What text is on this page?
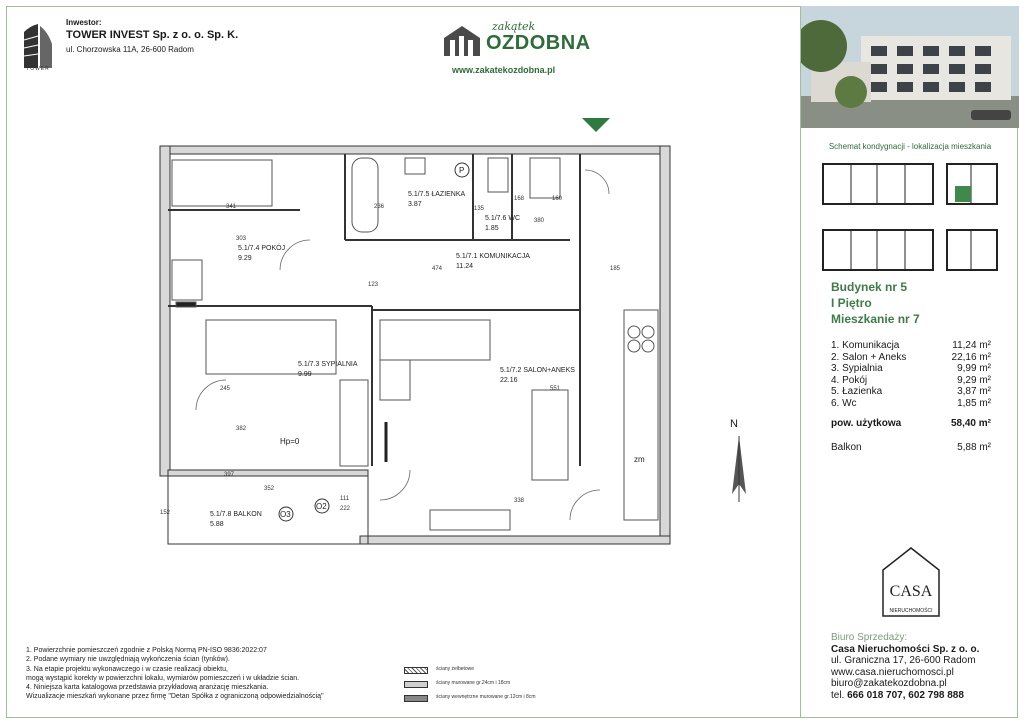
TOWER
Inwestor:
TOWER INVEST Sp. z o. o. Sp. K.
ul. Chorzowska 11A, 26-600 Radom
zakątek
OZDOBNA
www.zakatekozdobna.pl
5.1/7.4 POKÓJ
9.29
5.1/7.3 SYPIALNIA
9.99
5.1/7.2 SALON+ANEKS
22.16
5.1/7.1 KOMUNIKACJA
11.24
5.1/7.5 ŁAZIENKA
3.87
5.1/7.6 WC
1.85
5.1/7.8 BALKON
5.88
341
303
245
382
397
338
551
185
474
123
135
168
236
160
380
352
152
111
222
P
zm
O2
O3
Hp=0
N
1. Powierzchnie pomieszczeń zgodnie z Polską Normą PN-ISO 9836:2022:07
2. Podane wymiary nie uwzględniają wykończenia ścian (tynków).
3. Na etapie projektu wykonawczego i w czasie realizacji obiektu,
mogą wystąpić korekty w powierzchni lokalu, wymiarów pomieszczeń i w układzie ścian.
4. Niniejsza karta katalogowa przedstawia przykładową aranżację mieszkania.
Wizualizacje mieszkań wykonane przez firmę "Detan Spółka z ograniczoną odpowiedzialnością"
ściany żelbetowe
ściany murowane gr.24cm i 18cm
ściany wewnętrzne murowane gr.12cm i 8cm
Schemat kondygnacji - lokalizacja mieszkania
Budynek nr 5
I Piętro
Mieszkanie nr 7
1. Komunikacja	11,24 m²
2. Salon + Aneks	22,16 m²
3. Sypialnia	9,99 m²
4. Pokój	9,29 m²
5. Łazienka	3,87 m²
6. Wc	1,85 m²
pow. użytkowa	58,40 m²
Balkon	5,88 m²
CASA
NIERUCHOMOŚCI
Biuro Sprzedaży:
Casa Nieruchomości Sp. z o. o.
ul. Graniczna 17, 26-600 Radom
www.casa.nieruchomosci.pl
biuro@zakatekozdobna.pl
tel. 666 018 707, 602 798 888
